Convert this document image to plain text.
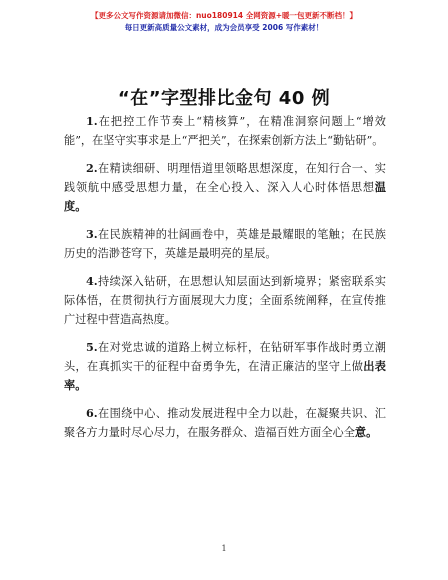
【更多公文写作资源请加微信：nuo180914 全网资源+暖一包更新不断档！】
每日更新高质量公文素材，成为会员享受 2006 写作素材！
“在”字型排比金句 40 例

1.在把控工作节奏上“精核算”，在精准洞察问题上“增效能”，在坚守实事求是上“严把关”，在探索创新方法上“勤钻研”。

2.在精读细研、明理悟道里领略思想深度，在知行合一、实践领航中感受思想力量，在全心投入、深入人心时体悟思想温度。

3.在民族精神的壮阔画卷中，英雄是最耀眼的笔触；在民族历史的浩渺苍穹下，英雄是最明亮的星辰。

4.持续深入钻研，在思想认知层面达到新境界；紧密联系实际体悟，在贯彻执行方面展现大力度；全面系统阐释，在宣传推广过程中营造高热度。

5.在对党忠诚的道路上树立标杆，在钻研军事作战时勇立潮头，在真抓实干的征程中奋勇争先，在清正廉洁的坚守上做出表率。

6.在围绕中心、推动发展进程中全力以赴，在凝聚共识、汇聚各方力量时尽心尽力，在服务群众、造福百姓方面全心全意。

1
